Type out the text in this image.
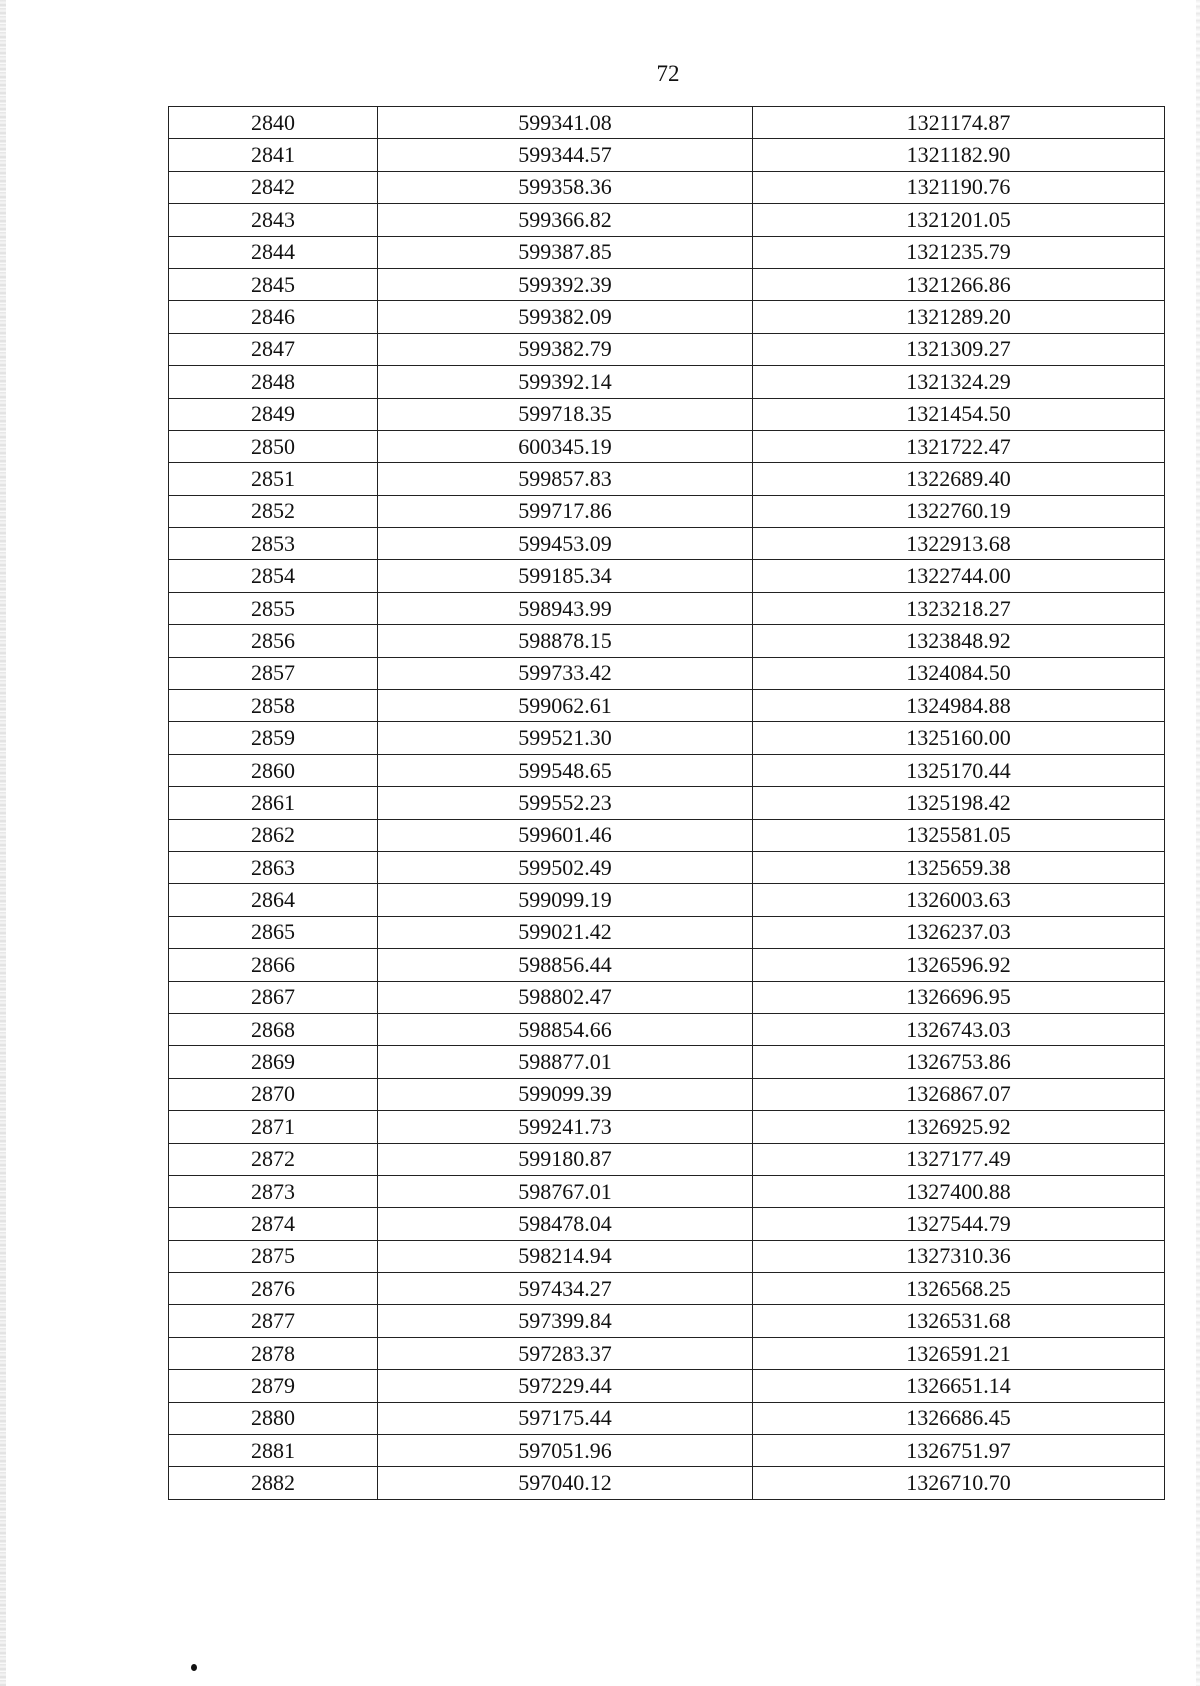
72
2840	599341.08	1321174.87
2841	599344.57	1321182.90
2842	599358.36	1321190.76
2843	599366.82	1321201.05
2844	599387.85	1321235.79
2845	599392.39	1321266.86
2846	599382.09	1321289.20
2847	599382.79	1321309.27
2848	599392.14	1321324.29
2849	599718.35	1321454.50
2850	600345.19	1321722.47
2851	599857.83	1322689.40
2852	599717.86	1322760.19
2853	599453.09	1322913.68
2854	599185.34	1322744.00
2855	598943.99	1323218.27
2856	598878.15	1323848.92
2857	599733.42	1324084.50
2858	599062.61	1324984.88
2859	599521.30	1325160.00
2860	599548.65	1325170.44
2861	599552.23	1325198.42
2862	599601.46	1325581.05
2863	599502.49	1325659.38
2864	599099.19	1326003.63
2865	599021.42	1326237.03
2866	598856.44	1326596.92
2867	598802.47	1326696.95
2868	598854.66	1326743.03
2869	598877.01	1326753.86
2870	599099.39	1326867.07
2871	599241.73	1326925.92
2872	599180.87	1327177.49
2873	598767.01	1327400.88
2874	598478.04	1327544.79
2875	598214.94	1327310.36
2876	597434.27	1326568.25
2877	597399.84	1326531.68
2878	597283.37	1326591.21
2879	597229.44	1326651.14
2880	597175.44	1326686.45
2881	597051.96	1326751.97
2882	597040.12	1326710.70
